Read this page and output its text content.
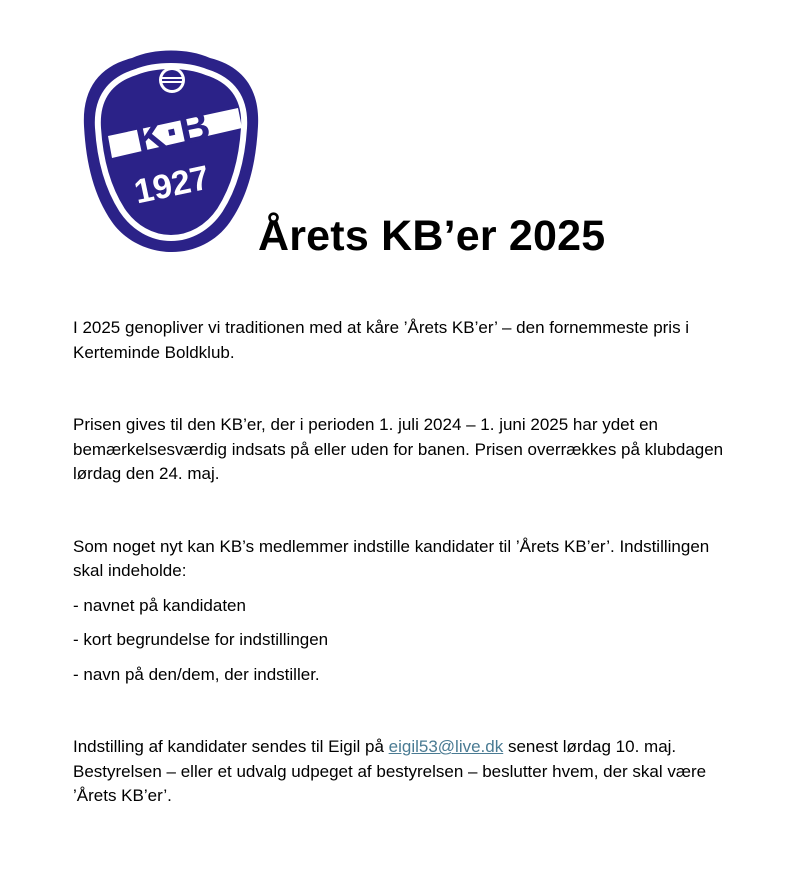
K·B
1927
Årets KB’er 2025

I 2025 genopliver vi traditionen med at kåre ’Årets KB’er’ – den fornemmeste pris i Kerteminde Boldklub.

Prisen gives til den KB’er, der i perioden 1. juli 2024 – 1. juni 2025 har ydet en bemærkelsesværdig indsats på eller uden for banen. Prisen overrækkes på klubdagen lørdag den 24. maj.

Som noget nyt kan KB’s medlemmer indstille kandidater til ’Årets KB’er’. Indstillingen skal indeholde:

- navnet på kandidaten

- kort begrundelse for indstillingen

- navn på den/dem, der indstiller.

Indstilling af kandidater sendes til Eigil på eigil53@live.dk senest lørdag 10. maj. Bestyrelsen – eller et udvalg udpeget af bestyrelsen – beslutter hvem, der skal være ’Årets KB’er’.
